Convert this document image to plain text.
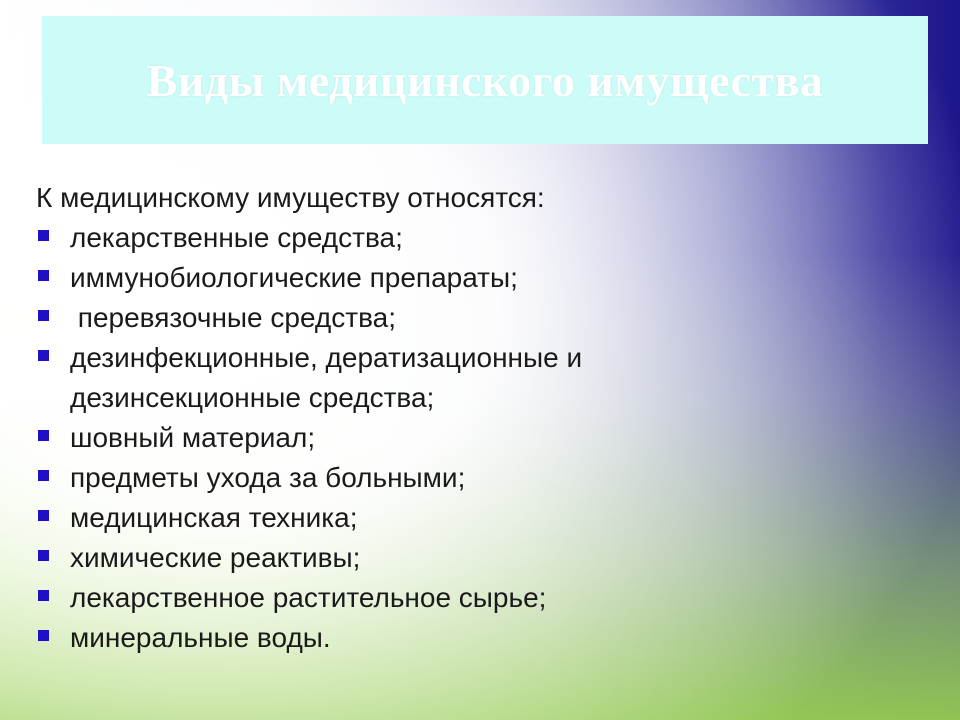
Виды медицинского имущества
К медицинскому имуществу относятся:
лекарственные средства;
иммунобиологические препараты;
перевязочные средства;
дезинфекционные, дератизационные и дезинсекционные средства;
шовный материал;
предметы ухода за больными;
медицинская техника;
химические реактивы;
лекарственное растительное сырье;
минеральные воды.
